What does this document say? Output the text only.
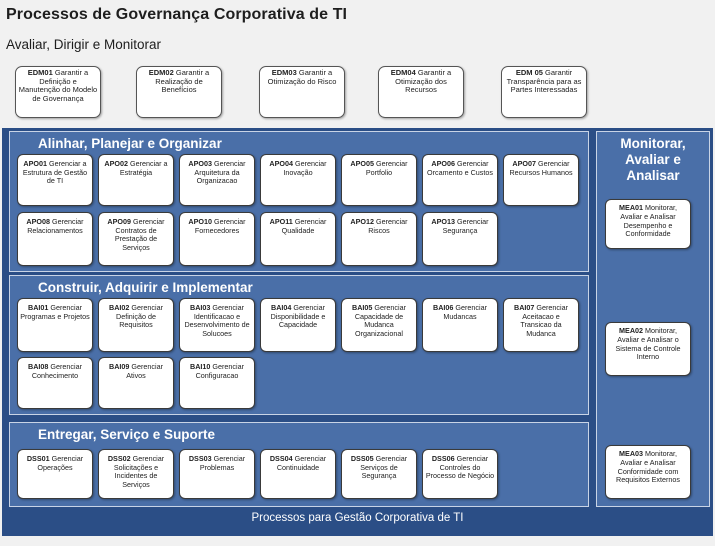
Processos de Governança Corporativa de TI
Avaliar, Dirigir e Monitorar
EDM01 Garantir a Definição e Manutenção do Modelo de Governança
EDM02 Garantir a Realização de Benefícios
EDM03 Garantir a Otimização do Risco
EDM04 Garantir a Otimização dos Recursos
EDM 05 Garantir Transparência para as Partes Interessadas
Alinhar, Planejar e Organizar
APO01 Gerenciar a Estrutura de Gestão de TI
APO02 Gerenciar a Estratégia
APO03 Gerenciar Arquitetura da Organizacao
APO04 Gerenciar Inovação
APO05 Gerenciar Portfolio
APO06 Gerenciar Orcamento e Custos
APO07 Gerenciar Recursos Humanos
APO08 Gerenciar Relacionamentos
APO09 Gerenciar Contratos de Prestação de Serviços
APO10 Gerenciar Fornecedores
APO11 Gerenciar Qualidade
APO12 Gerenciar Riscos
APO13 Gerenciar Segurança
Construir, Adquirir e Implementar
BAI01 Gerenciar Programas e Projetos
BAI02 Gerenciar Definição de Requisitos
BAI03 Gerenciar Identificacao e Desenvolvimento de Solucoes
BAI04 Gerenciar Disponibilidade e Capacidade
BAI05 Gerenciar Capacidade de Mudanca Organizacional
BAI06 Gerenciar Mudancas
BAI07 Gerenciar Aceitacao e Transicao da Mudanca
BAI08 Gerenciar Conhecimento
BAI09 Gerenciar Ativos
BAI10 Gerenciar Configuracao
Entregar, Serviço e Suporte
DSS01 Gerenciar Operações
DSS02 Gerenciar Solicitações e Incidentes de Serviços
DSS03 Gerenciar Problemas
DSS04 Gerenciar Continuidade
DSS05 Gerenciar Serviços de Segurança
DSS06 Gerenciar Controles do Processo de Negócio
Monitorar, Avaliar e Analisar
MEA01 Monitorar, Avaliar e Analisar Desempenho e Conformidade
MEA02 Monitorar, Avaliar e Analisar o Sistema de Controle Interno
MEA03 Monitorar, Avaliar e Analisar Conformidade com Requisitos Externos
Processos para Gestão Corporativa de TI
